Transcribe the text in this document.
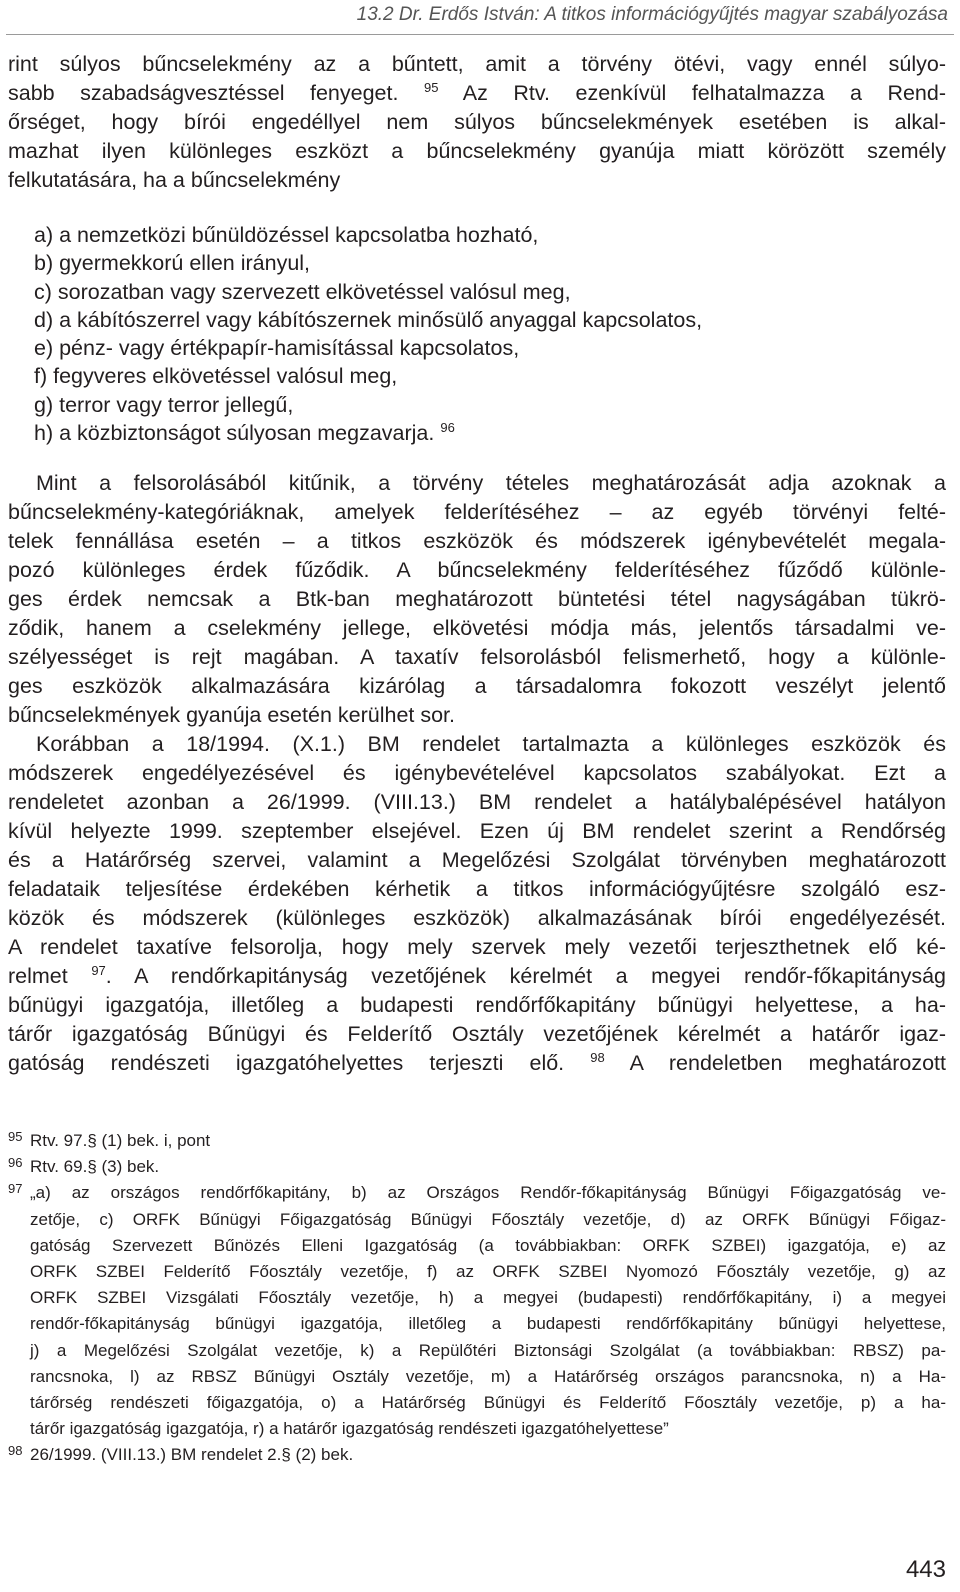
13.2 Dr. Erdős István: A titkos információgyűjtés magyar szabályozása
rint súlyos bűncselekmény az a bűntett, amit a törvény ötévi, vagy ennél súlyo-
sabb szabadságvesztéssel fenyeget. $^{95}$ Az Rtv. ezenkívül felhatalmazza a Rend-
őrséget, hogy bírói engedéllyel nem súlyos bűncselekmények esetében is alkal-
mazhat ilyen különleges eszközt a bűncselekmény gyanúja miatt körözött személy
felkutatására, ha a bűncselekmény
a) a nemzetközi bűnüldözéssel kapcsolatba hozható,
b) gyermekkorú ellen irányul,
c) sorozatban vagy szervezett elkövetéssel valósul meg,
d) a kábítószerrel vagy kábítószernek minősülő anyaggal kapcsolatos,
e) pénz- vagy értékpapír-hamisítással kapcsolatos,
f) fegyveres elkövetéssel valósul meg,
g) terror vagy terror jellegű,
h) a közbiztonságot súlyosan megzavarja. $^{96}$
Mint a felsorolásából kitűnik, a törvény tételes meghatározását adja azoknak a
bűncselekmény-kategóriáknak, amelyek felderítéséhez – az egyéb törvényi felté-
telek fennállása esetén – a titkos eszközök és módszerek igénybevételét megala-
pozó különleges érdek fűződik. A bűncselekmény felderítéséhez fűződő különle-
ges érdek nemcsak a Btk-ban meghatározott büntetési tétel nagyságában tükrö-
ződik, hanem a cselekmény jellege, elkövetési módja más, jelentős társadalmi ve-
szélyességet is rejt magában. A taxatív felsorolásból felismerhető, hogy a különle-
ges eszközök alkalmazására kizárólag a társadalomra fokozott veszélyt jelentő
bűncselekmények gyanúja esetén kerülhet sor.
Korábban a 18/1994. (X.1.) BM rendelet tartalmazta a különleges eszközök és
módszerek engedélyezésével és igénybevételével kapcsolatos szabályokat. Ezt a
rendeletet azonban a 26/1999. (VIII.13.) BM rendelet a hatálybalépésével hatályon
kívül helyezte 1999. szeptember elsejével. Ezen új BM rendelet szerint a Rendőrség
és a Határőrség szervei, valamint a Megelőzési Szolgálat törvényben meghatározott
feladataik teljesítése érdekében kérhetik a titkos információgyűjtésre szolgáló esz-
közök és módszerek (különleges eszközök) alkalmazásának bírói engedélyezését.
A rendelet taxatíve felsorolja, hogy mely szervek mely vezetői terjeszthetnek elő ké-
relmet $^{97}$. A rendőrkapitányság vezetőjének kérelmét a megyei rendőr-főkapitányság
bűnügyi igazgatója, illetőleg a budapesti rendőrfőkapitány bűnügyi helyettese, a ha-
tárőr igazgatóság Bűnügyi és Felderítő Osztály vezetőjének kérelmét a határőr igaz-
gatóság rendészeti igazgatóhelyettes terjeszti elő. $^{98}$ A rendeletben meghatározott
95 Rtv. 97.§ (1) bek. i, pont
96 Rtv. 69.§ (3) bek.
97 „a) az országos rendőrfőkapitány, b) az Országos Rendőr-főkapitányság Bűnügyi Főigazgatóság ve-
zetője, c) ORFK Bűnügyi Főigazgatóság Bűnügyi Főosztály vezetője, d) az ORFK Bűnügyi Főigaz-
gatóság Szervezett Bűnözés Elleni Igazgatóság (a továbbiakban: ORFK SZBEI) igazgatója, e) az
ORFK SZBEI Felderítő Főosztály vezetője, f) az ORFK SZBEI Nyomozó Főosztály vezetője, g) az
ORFK SZBEI Vizsgálati Főosztály vezetője, h) a megyei (budapesti) rendőrfőkapitány, i) a megyei
rendőr-főkapitányság bűnügyi igazgatója, illetőleg a budapesti rendőrfőkapitány bűnügyi helyettese,
j) a Megelőzési Szolgálat vezetője, k) a Repülőtéri Biztonsági Szolgálat (a továbbiakban: RBSZ) pa-
rancsnoka, l) az RBSZ Bűnügyi Osztály vezetője, m) a Határőrség országos parancsnoka, n) a Ha-
tárőrség rendészeti főigazgatója, o) a Határőrség Bűnügyi és Felderítő Főosztály vezetője, p) a ha-
tárőr igazgatóság igazgatója, r) a határőr igazgatóság rendészeti igazgatóhelyettese”
98 26/1999. (VIII.13.) BM rendelet 2.§ (2) bek.
443
